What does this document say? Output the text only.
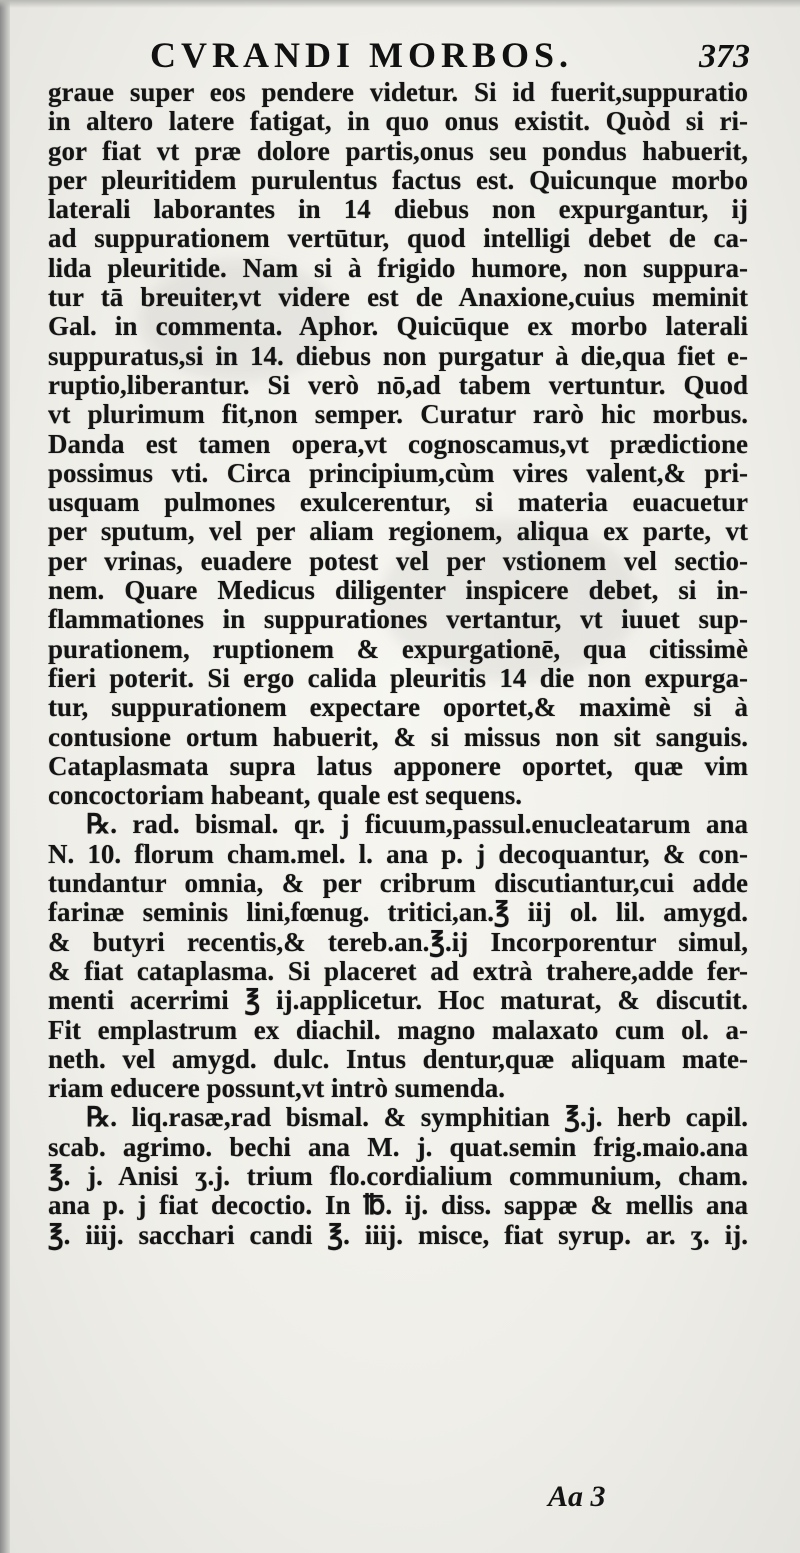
CVRANDI MORBOS.	373
graue super eos pendere videtur. Si id fuerit,suppuratio
in altero latere fatigat, in quo onus existit. Quòd si ri-
gor fiat vt præ dolore partis,onus seu pondus habuerit,
per pleuritidem purulentus factus est. Quicunque morbo
laterali laborantes in 14 diebus non expurgantur, ij
ad suppurationem vertūtur, quod intelligi debet de ca-
lida pleuritide. Nam si à frigido humore, non suppura-
tur tā breuiter,vt videre est de Anaxione,cuius meminit
Gal. in commenta. Aphor. Quicūque ex morbo laterali
suppuratus,si in 14. diebus non purgatur à die,qua fiet e-
ruptio,liberantur. Si verò nō,ad tabem vertuntur. Quod
vt plurimum fit,non semper. Curatur rarò hic morbus.
Danda est tamen opera,vt cognoscamus,vt prædictione
possimus vti. Circa principium,cùm vires valent,& pri-
usquam pulmones exulcerentur, si materia euacuetur
per sputum, vel per aliam regionem, aliqua ex parte, vt
per vrinas, euadere potest vel per vstionem vel sectio-
nem. Quare Medicus diligenter inspicere debet, si in-
flammationes in suppurationes vertantur, vt iuuet sup-
purationem, ruptionem & expurgationē, qua citissimè
fieri poterit. Si ergo calida pleuritis 14 die non expurga-
tur, suppurationem expectare oportet,& maximè si à
contusione ortum habuerit, & si missus non sit sanguis.
Cataplasmata supra latus apponere oportet, quæ vim
concoctoriam habeant, quale est sequens.
℞. rad. bismal. qr. j ficuum,passul.enucleatarum ana
N. 10. florum cham.mel. l. ana p. j decoquantur, & con-
tundantur omnia, & per cribrum discutiantur,cui adde
farinæ seminis lini,fœnug. tritici,an.℥ iij ol. lil. amygd.
& butyri recentis,& tereb.an.℥.ij Incorporentur simul,
& fiat cataplasma. Si placeret ad extrà trahere,adde fer-
menti acerrimi ℥ ij.applicetur. Hoc maturat, & discutit.
Fit emplastrum ex diachil. magno malaxato cum ol. a-
neth. vel amygd. dulc. Intus dentur,quæ aliquam mate-
riam educere possunt,vt intrò sumenda.
℞. liq.rasæ,rad bismal. & symphitian ℥.j. herb capil.
scab. agrimo. bechi ana M. j. quat.semin frig.maio.ana
℥. j. Anisi ʒ.j. trium flo.cordialium communium, cham.
ana p. j fiat decoctio. In ℔. ij. diss. sappæ & mellis ana
℥. iiij. sacchari candi ℥. iiij. misce, fiat syrup. ar. ʒ. ij.
Aa 3
